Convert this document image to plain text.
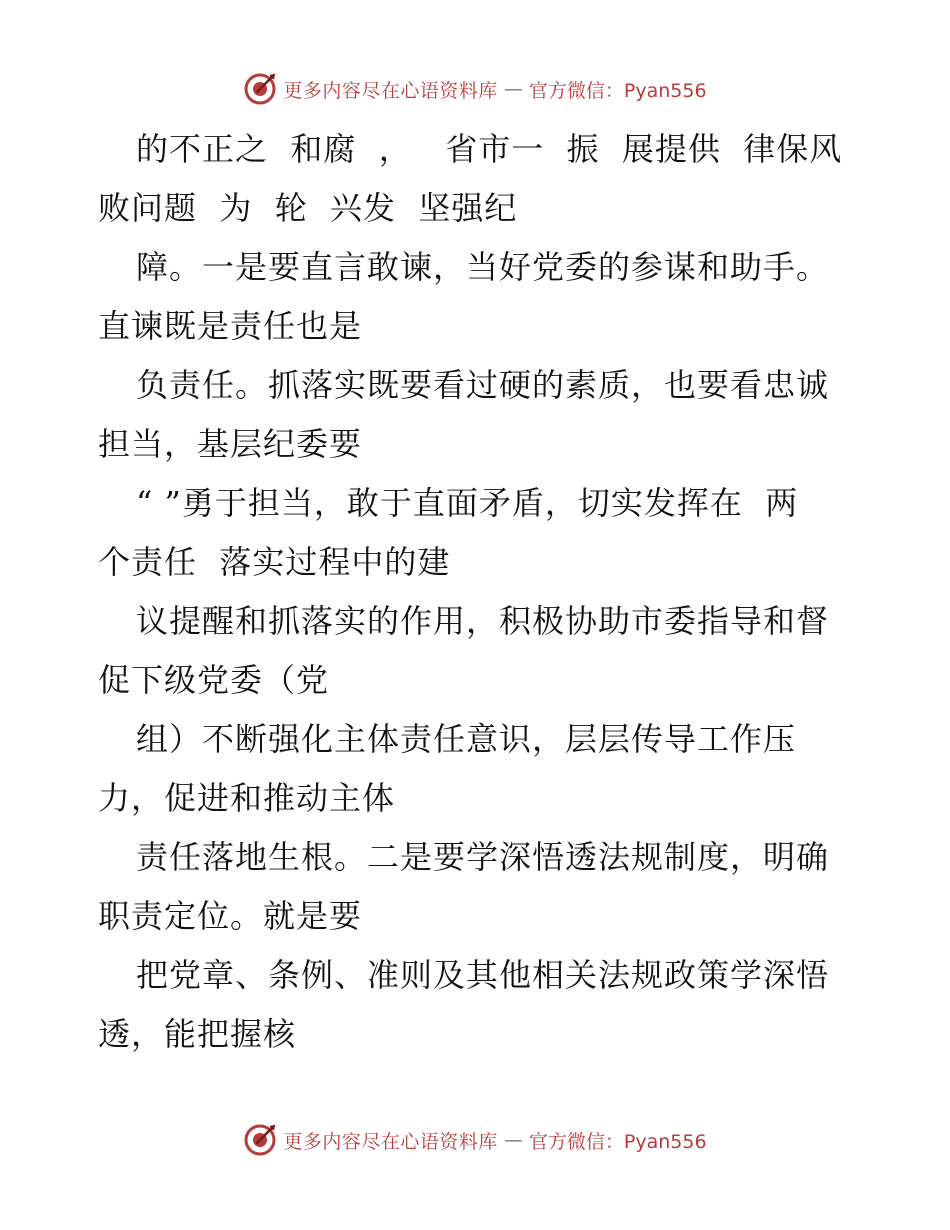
更多内容尽在心语资料库 — 官方微信：Pyan556

的不正之  和腐  ，   省市一  振  展提供  律保风
败问题  为  轮  兴发  坚强纪

障。一是要直言敢谏，当好党委的参谋和助手。
直谏既是责任也是

负责任。抓落实既要看过硬的素质，也要看忠诚
担当，基层纪委要

“ ”勇于担当，敢于直面矛盾，切实发挥在  两
个责任  落实过程中的建

议提醒和抓落实的作用，积极协助市委指导和督
促下级党委（党

组）不断强化主体责任意识，层层传导工作压
力，促进和推动主体

责任落地生根。二是要学深悟透法规制度，明确
职责定位。就是要

把党章、条例、准则及其他相关法规政策学深悟
透，能把握核

更多内容尽在心语资料库 — 官方微信：Pyan556
